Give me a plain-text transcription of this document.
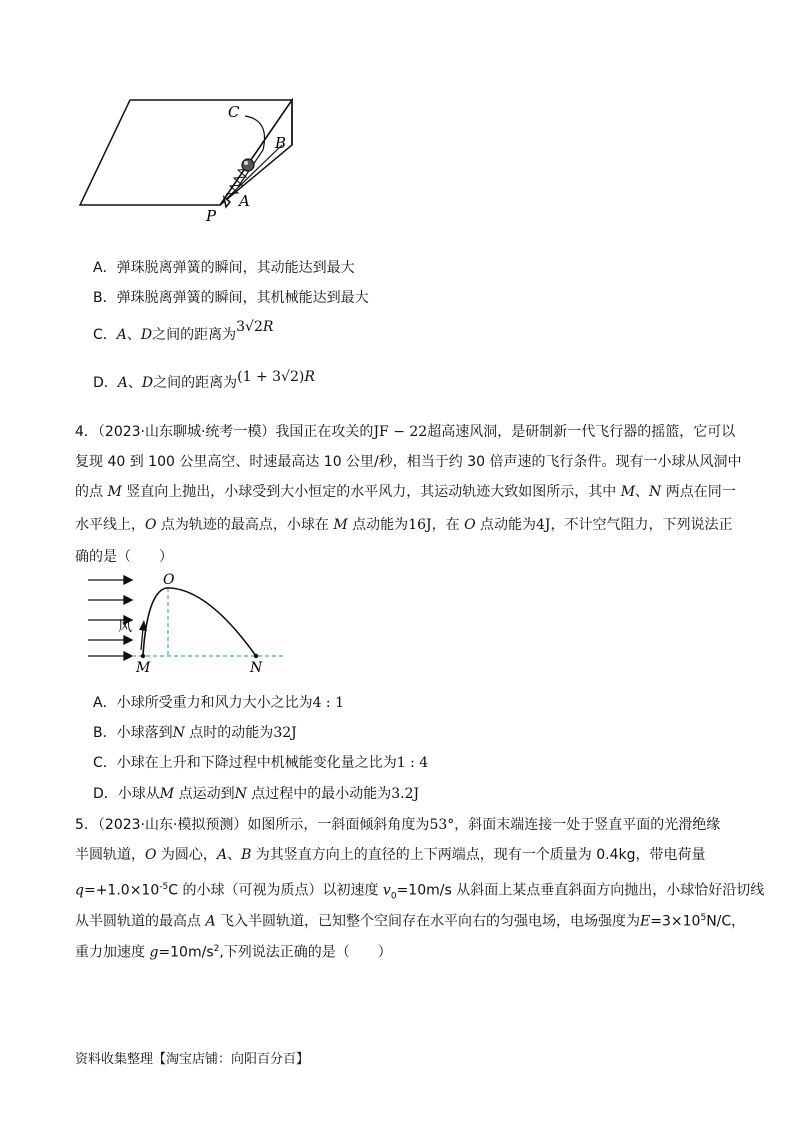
C
B
A
P
A．弹珠脱离弹簧的瞬间，其动能达到最大
B．弹珠脱离弹簧的瞬间，其机械能达到最大
C．A、D之间的距离为3√2R
D．A、D之间的距离为(1 + 3√2)R
4．（2023·山东聊城·统考一模）我国正在攻关的JF − 22超高速风洞，是研制新一代飞行器的摇篮，它可以
复现 40 到 100 公里高空、时速最高达 10 公里/秒，相当于约 30 倍声速的飞行条件。现有一小球从风洞中
的点 M 竖直向上抛出，小球受到大小恒定的水平风力，其运动轨迹大致如图所示，其中 M、N 两点在同一
水平线上，O 点为轨迹的最高点，小球在 M 点动能为16J，在 O 点动能为4J，不计空气阻力，下列说法正
确的是（　　）
O
M	N
风
A．小球所受重力和风力大小之比为4 : 1
B．小球落到N 点时的动能为32J
C．小球在上升和下降过程中机械能变化量之比为1 : 4
D．小球从M 点运动到N 点过程中的最小动能为3.2J
5．（2023·山东·模拟预测）如图所示，一斜面倾斜角度为53°，斜面末端连接一处于竖直平面的光滑绝缘
半圆轨道，O 为圆心，A、B 为其竖直方向上的直径的上下两端点，现有一个质量为 0.4kg，带电荷量
$q=+1.0\times 10^{-5}C$ 的小球（可视为质点）以初速度 $v_0=10m/s$ 从斜面上某点垂直斜面方向抛出，小球恰好沿切线
从半圆轨道的最高点 A 飞入半圆轨道，已知整个空间存在水平向右的匀强电场，电场强度为$E=3\times 10^5N/C$，
重力加速度 $g=10m/s^2$,下列说法正确的是（　　）
资料收集整理【淘宝店铺：向阳百分百】
